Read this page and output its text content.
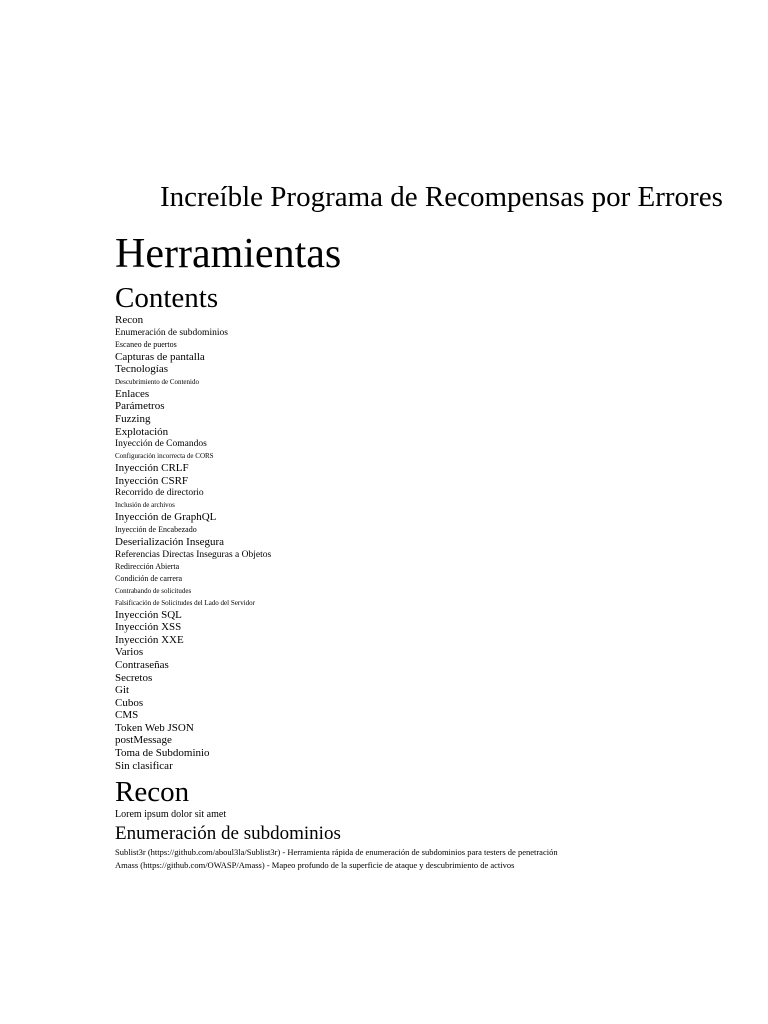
Increíble Programa de Recompensas por Errores
Herramientas
Contents
Recon
Enumeración de subdominios
Escaneo de puertos
Capturas de pantalla
Tecnologías
Descubrimiento de Contenido
Enlaces
Parámetros
Fuzzing
Explotación
Inyección de Comandos
Configuración incorrecta de CORS
Inyección CRLF
Inyección CSRF
Recorrido de directorio
Inclusión de archivos
Inyección de GraphQL
Inyección de Encabezado
Deserialización Insegura
Referencias Directas Inseguras a Objetos
Redirección Abierta
Condición de carrera
Contrabando de solicitudes
Falsificación de Solicitudes del Lado del Servidor
Inyección SQL
Inyección XSS
Inyección XXE
Varios
Contraseñas
Secretos
Git
Cubos
CMS
Token Web JSON
postMessage
Toma de Subdominio
Sin clasificar
Recon
Lorem ipsum dolor sit amet
Enumeración de subdominios
Sublist3r (https://github.com/aboul3la/Sublist3r) - Herramienta rápida de enumeración de subdominios para testers de penetración
Amass (https://github.com/OWASP/Amass) - Mapeo profundo de la superficie de ataque y descubrimiento de activos
